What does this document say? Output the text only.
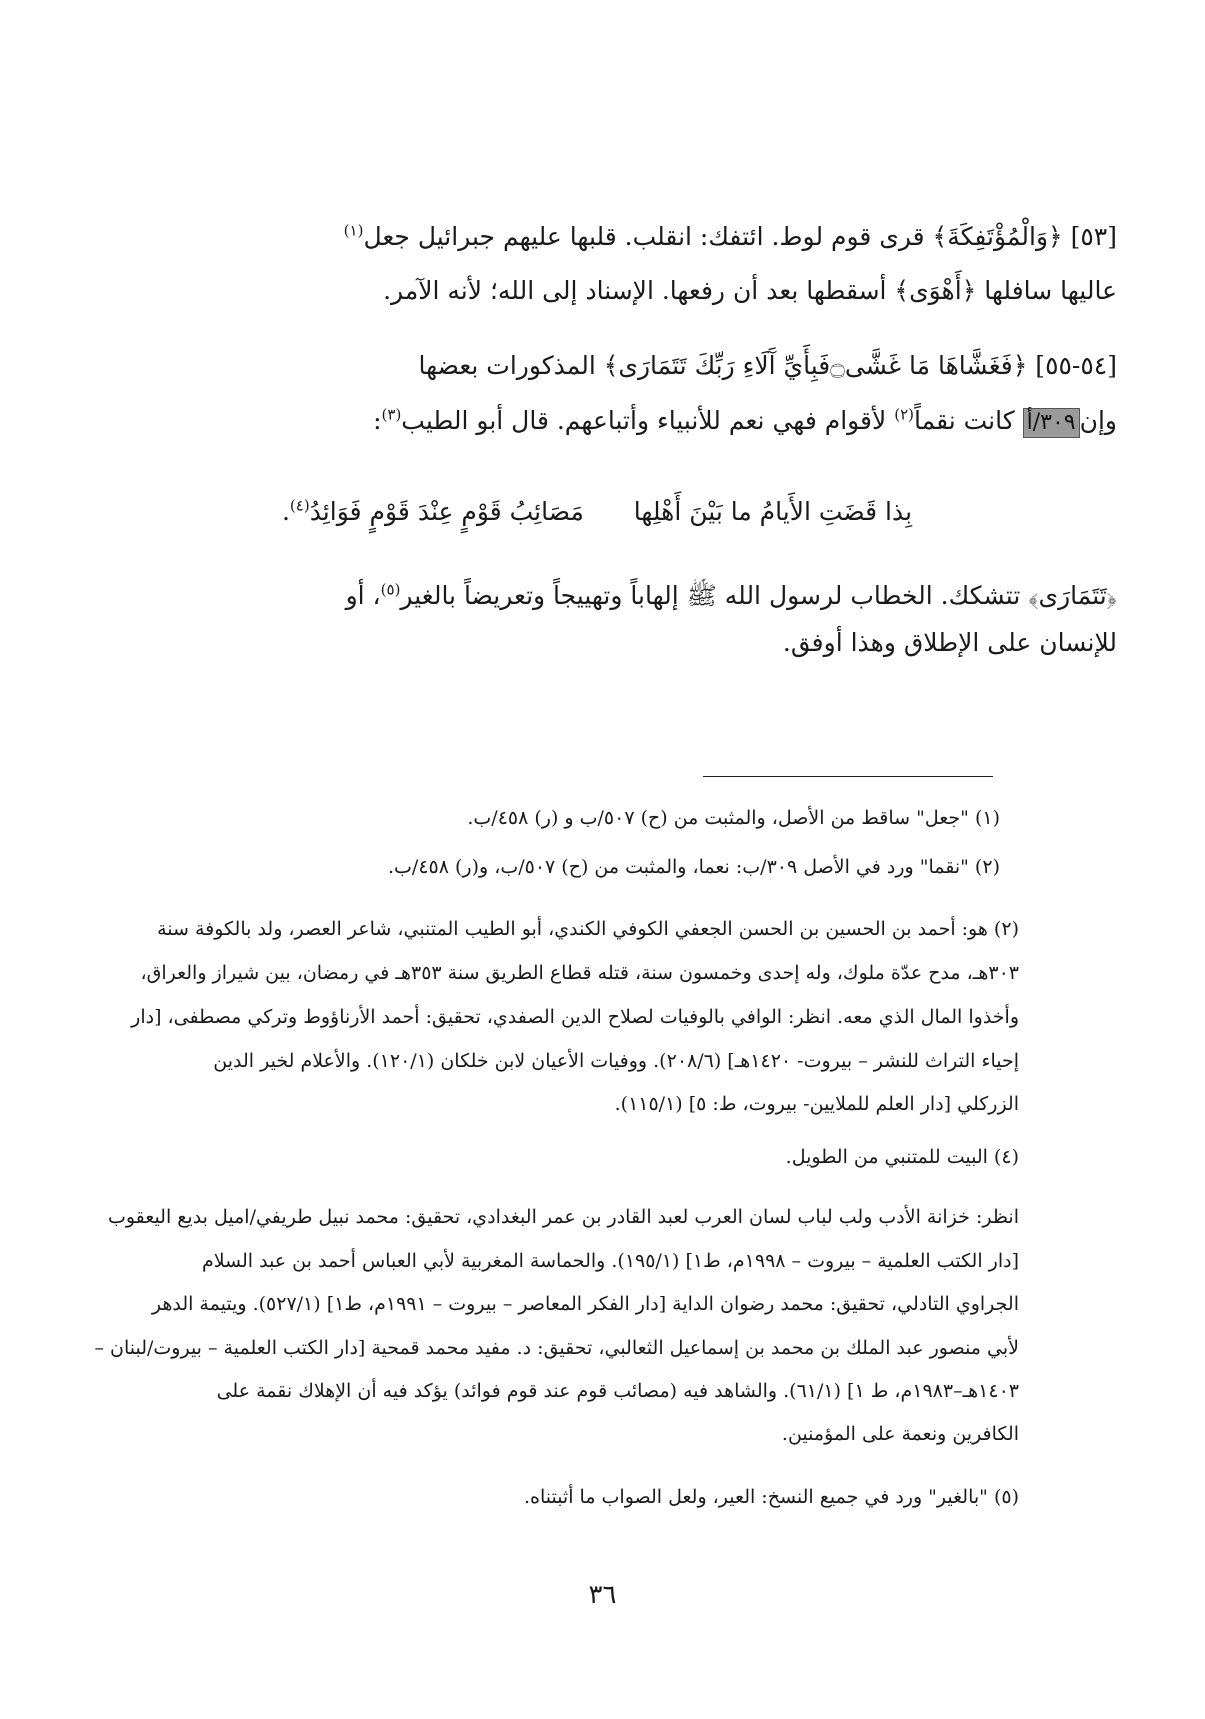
[٥٣] ﴿وَالْمُؤْتَفِكَةَ﴾ قرى قوم لوط. ائتفك: انقلب. قلبها عليهم جبرائيل جعل$^{(١)}$
عاليها سافلها ﴿أَهْوَى﴾ أسقطها بعد أن رفعها. الإسناد إلى الله؛ لأنه الآمر.
[٥٤-٥٥] ﴿فَغَشَّاهَا مَا غَشَّى۝فَبِأَيِّ آَلَاءِ رَبِّكَ تَتَمَارَى﴾ المذكورات بعضها
وإن٣٠٩/أ كانت نقماً$^{(٢)}$ لأقوام فهي نعم للأنبياء وأتباعهم. قال أبو الطيب$^{(٣)}$:
بِذا قَضَتِ الأَيامُ ما بَيْنَ أَهْلِها  مَصَائِبُ قَوْمٍ عِنْدَ قَوْمٍ فَوَائِدُ$^{(٤)}$.
﴿تَتَمَارَى﴾ تتشكك. الخطاب لرسول الله ﷺ إلهاباً وتهييجاً وتعريضاً بالغير$^{(٥)}$، أو
للإنسان على الإطلاق وهذا أوفق.
(١) "جعل" ساقط من الأصل، والمثبت من (ح) ٥٠٧/ب و (ر) ٤٥٨/ب.
(٢) "نقما" ورد في الأصل ٣٠٩/ب: نعما، والمثبت من (ح) ٥٠٧/ب، و(ر) ٤٥٨/ب.
(٢) هو: أحمد بن الحسين بن الحسن الجعفي الكوفي الكندي، أبو الطيب المتنبي، شاعر العصر، ولد بالكوفة سنة
٣٠٣هـ، مدح عدّة ملوك، وله إحدى وخمسون سنة، قتله قطاع الطريق سنة ٣٥٣هـ في رمضان، بين شيراز والعراق،
وأخذوا المال الذي معه. انظر: الوافي بالوفيات لصلاح الدين الصفدي، تحقيق: أحمد الأرناؤوط وتركي مصطفى، [دار
إحياء التراث للنشر – بيروت- ١٤٢٠هـ] (٢٠٨/٦). ووفيات الأعيان لابن خلكان (١٢٠/١). والأعلام لخير الدين
الزركلي [دار العلم للملايين- بيروت، ط: ٥] (١١٥/١).
(٤) البيت للمتنبي من الطويل.
انظر: خزانة الأدب ولب لباب لسان العرب لعبد القادر بن عمر البغدادي، تحقيق: محمد نبيل طريفي/اميل بديع اليعقوب
[دار الكتب العلمية – بيروت – ١٩٩٨م، ط١] (١٩٥/١). والحماسة المغربية لأبي العباس أحمد بن عبد السلام
الجراوي التادلي، تحقيق: محمد رضوان الداية [دار الفكر المعاصر – بيروت – ١٩٩١م، ط١] (٥٢٧/١). ويتيمة الدهر
لأبي منصور عبد الملك بن محمد بن إسماعيل الثعالبي، تحقيق: د. مفيد محمد قمحية [دار الكتب العلمية – بيروت/لبنان –
١٤٠٣هـ–١٩٨٣م، ط ١] (٦١/١). والشاهد فيه (مصائب قوم عند قوم فوائد) يؤكد فيه أن الإهلاك نقمة على
الكافرين ونعمة على المؤمنين.
(٥) "بالغير" ورد في جميع النسخ: العير، ولعل الصواب ما أثبتناه.
٣٦
